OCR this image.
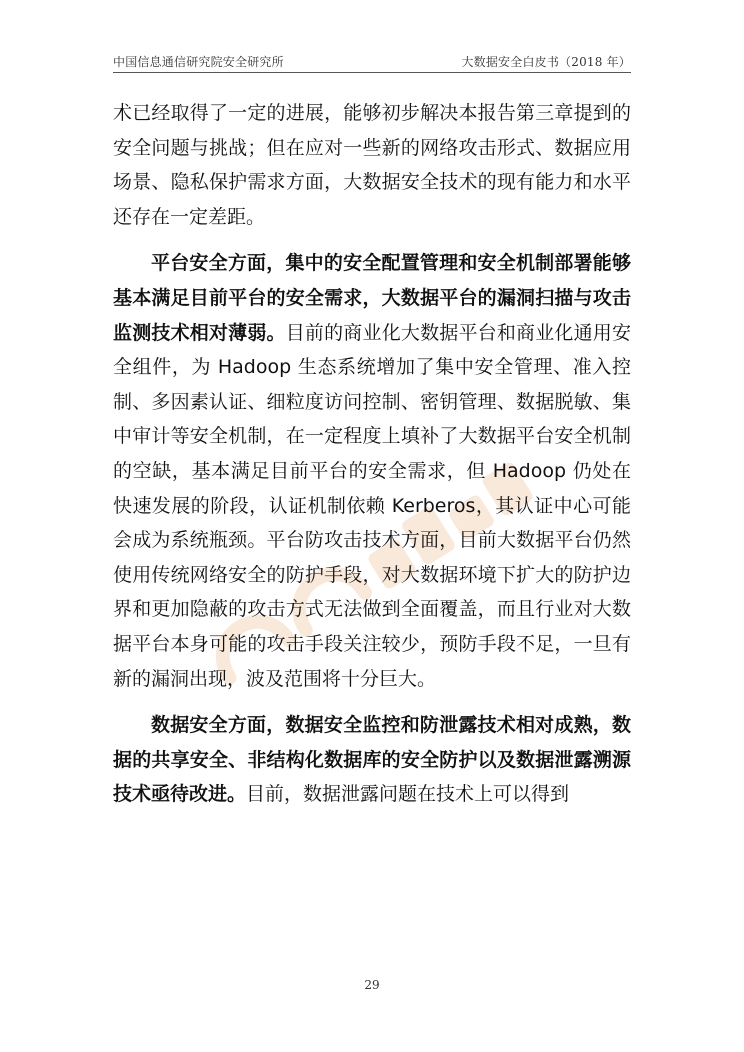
中国信息通信研究院安全研究所	大数据安全白皮书（2018 年）

术已经取得了一定的进展，能够初步解决本报告第三章提到的安全问题与挑战；但在应对一些新的网络攻击形式、数据应用场景、隐私保护需求方面，大数据安全技术的现有能力和水平还存在一定差距。

平台安全方面，集中的安全配置管理和安全机制部署能够基本满足目前平台的安全需求，大数据平台的漏洞扫描与攻击监测技术相对薄弱。目前的商业化大数据平台和商业化通用安全组件，为 Hadoop 生态系统增加了集中安全管理、准入控制、多因素认证、细粒度访问控制、密钥管理、数据脱敏、集中审计等安全机制，在一定程度上填补了大数据平台安全机制的空缺，基本满足目前平台的安全需求，但 Hadoop 仍处在快速发展的阶段，认证机制依赖 Kerberos，其认证中心可能会成为系统瓶颈。平台防攻击技术方面，目前大数据平台仍然使用传统网络安全的防护手段，对大数据环境下扩大的防护边界和更加隐蔽的攻击方式无法做到全面覆盖，而且行业对大数据平台本身可能的攻击手段关注较少，预防手段不足，一旦有新的漏洞出现，波及范围将十分巨大。

数据安全方面，数据安全监控和防泄露技术相对成熟，数据的共享安全、非结构化数据库的安全防护以及数据泄露溯源技术亟待改进。目前，数据泄露问题在技术上可以得到

29
